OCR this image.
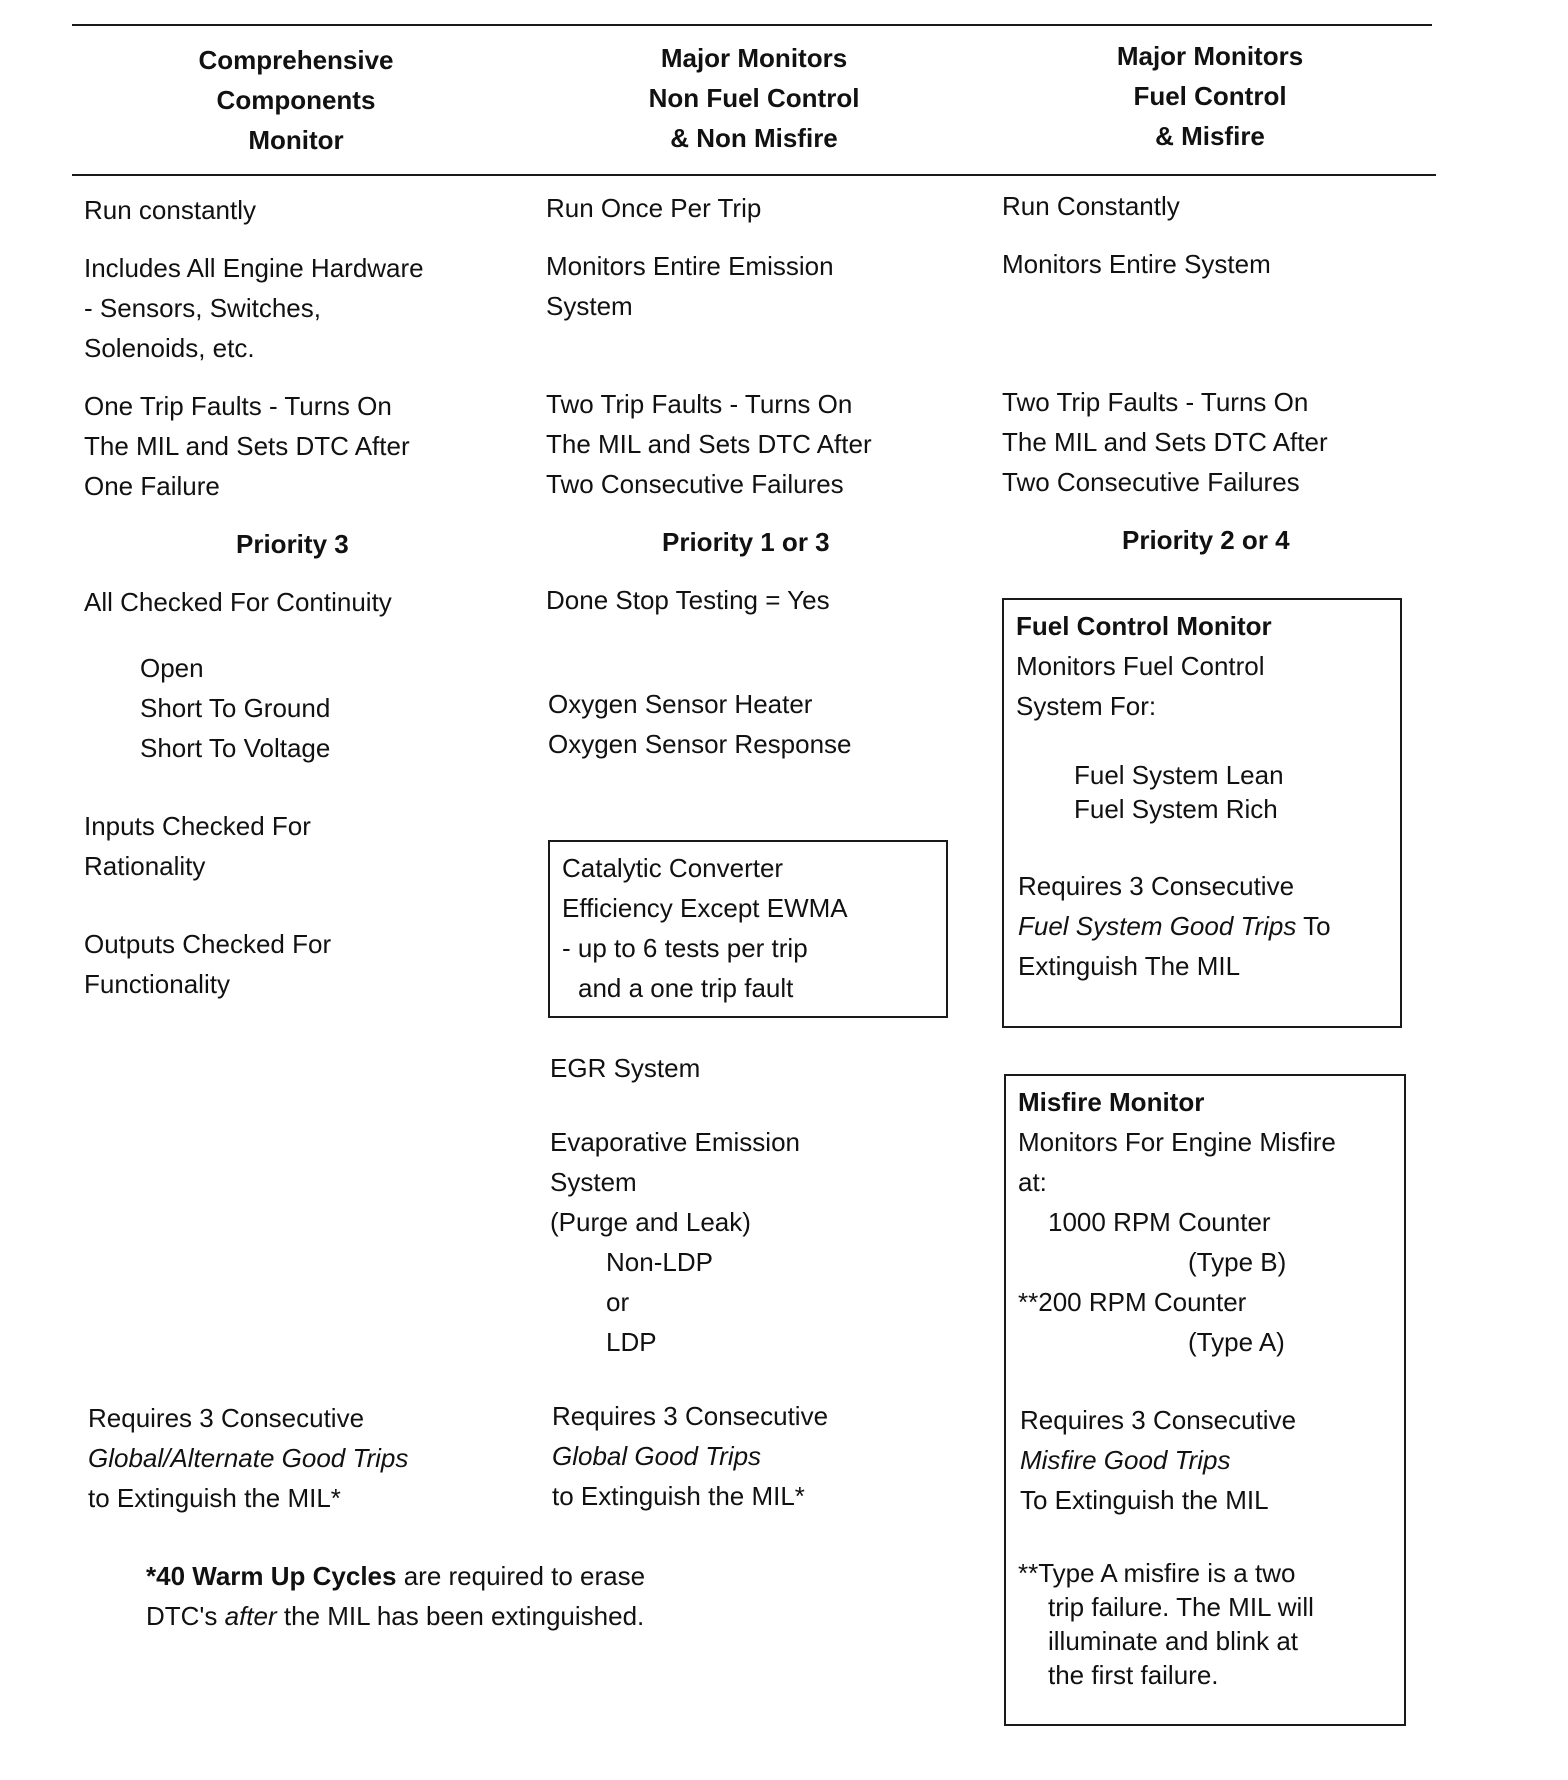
Comprehensive
Components
Monitor
Major Monitors
Non Fuel Control
& Non Misfire
Major Monitors
Fuel Control
& Misfire
Run constantly
Includes All Engine Hardware
- Sensors, Switches,
Solenoids, etc.
One Trip Faults - Turns On
The MIL and Sets DTC After
One Failure
Priority 3
All Checked For Continuity
Open
Short To Ground
Short To Voltage
Inputs Checked For
Rationality
Outputs Checked For
Functionality
Requires 3 Consecutive
Global/Alternate Good Trips
to Extinguish the MIL*
*40 Warm Up Cycles are required to erase
DTC's after the MIL has been extinguished.
Run Once Per Trip
Monitors Entire Emission
System
Two Trip Faults - Turns On
The MIL and Sets DTC After
Two Consecutive Failures
Priority 1 or 3
Done Stop Testing = Yes
Oxygen Sensor Heater
Oxygen Sensor Response
Catalytic Converter
Efficiency Except EWMA
- up to 6 tests per trip
and a one trip fault
EGR System
Evaporative Emission
System
(Purge and Leak)
Non-LDP
or
LDP
Requires 3 Consecutive
Global Good Trips
to Extinguish the MIL*
Run Constantly
Monitors Entire System
Two Trip Faults - Turns On
The MIL and Sets DTC After
Two Consecutive Failures
Priority 2 or 4
Fuel Control Monitor
Monitors Fuel Control
System For:
Fuel System Lean
Fuel System Rich
Requires 3 Consecutive
Fuel System Good Trips To
Extinguish The MIL
Misfire Monitor
Monitors For Engine Misfire
at:
1000 RPM Counter
(Type B)
**200 RPM Counter
(Type A)
Requires 3 Consecutive
Misfire Good Trips
To Extinguish the MIL
**Type A misfire is a two
trip failure. The MIL will
illuminate and blink at
the first failure.
